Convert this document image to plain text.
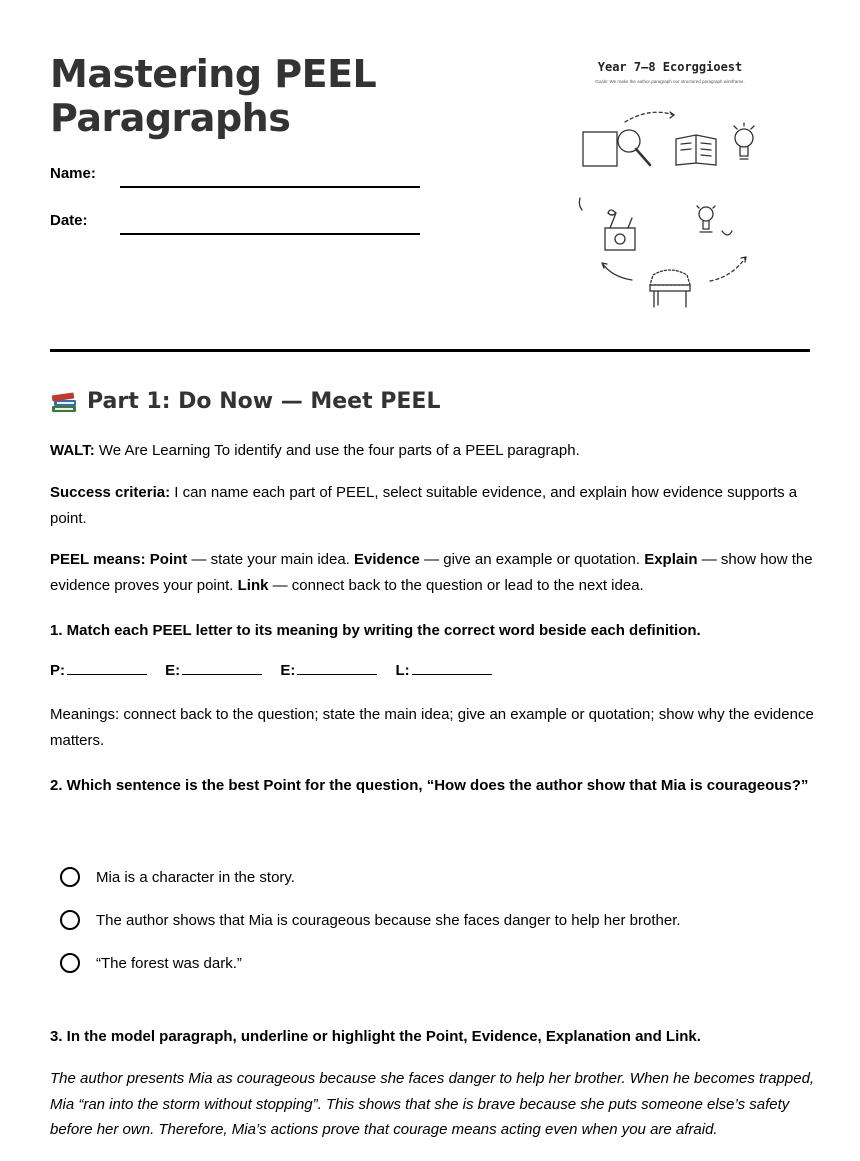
Mastering PEEL
Paragraphs
Name:
Date:
Year 7–8 Ecorggioest
Goals: We make the author paragraph our structured paragraph wireframe.
Part 1: Do Now — Meet PEEL

WALT: We Are Learning To identify and use the four parts of a PEEL paragraph.

Success criteria: I can name each part of PEEL, select suitable evidence, and explain how evidence supports a point.

PEEL means: Point — state your main idea. Evidence — give an example or quotation. Explain — show how the evidence proves your point. Link — connect back to the question or lead to the next idea.

1. Match each PEEL letter to its meaning by writing the correct word beside each definition.

P:	E:	E:	L:

Meanings: connect back to the question; state the main idea; give an example or quotation; show why the evidence matters.

2. Which sentence is the best Point for the question, “How does the author show that Mia is courageous?”

Mia is a character in the story.
The author shows that Mia is courageous because she faces danger to help her brother.
“The forest was dark.”

3. In the model paragraph, underline or highlight the Point, Evidence, Explanation and Link.

The author presents Mia as courageous because she faces danger to help her brother. When he becomes trapped, Mia “ran into the storm without stopping”. This shows that she is brave because she puts someone else’s safety before her own. Therefore, Mia’s actions prove that courage means acting even when you are afraid.
